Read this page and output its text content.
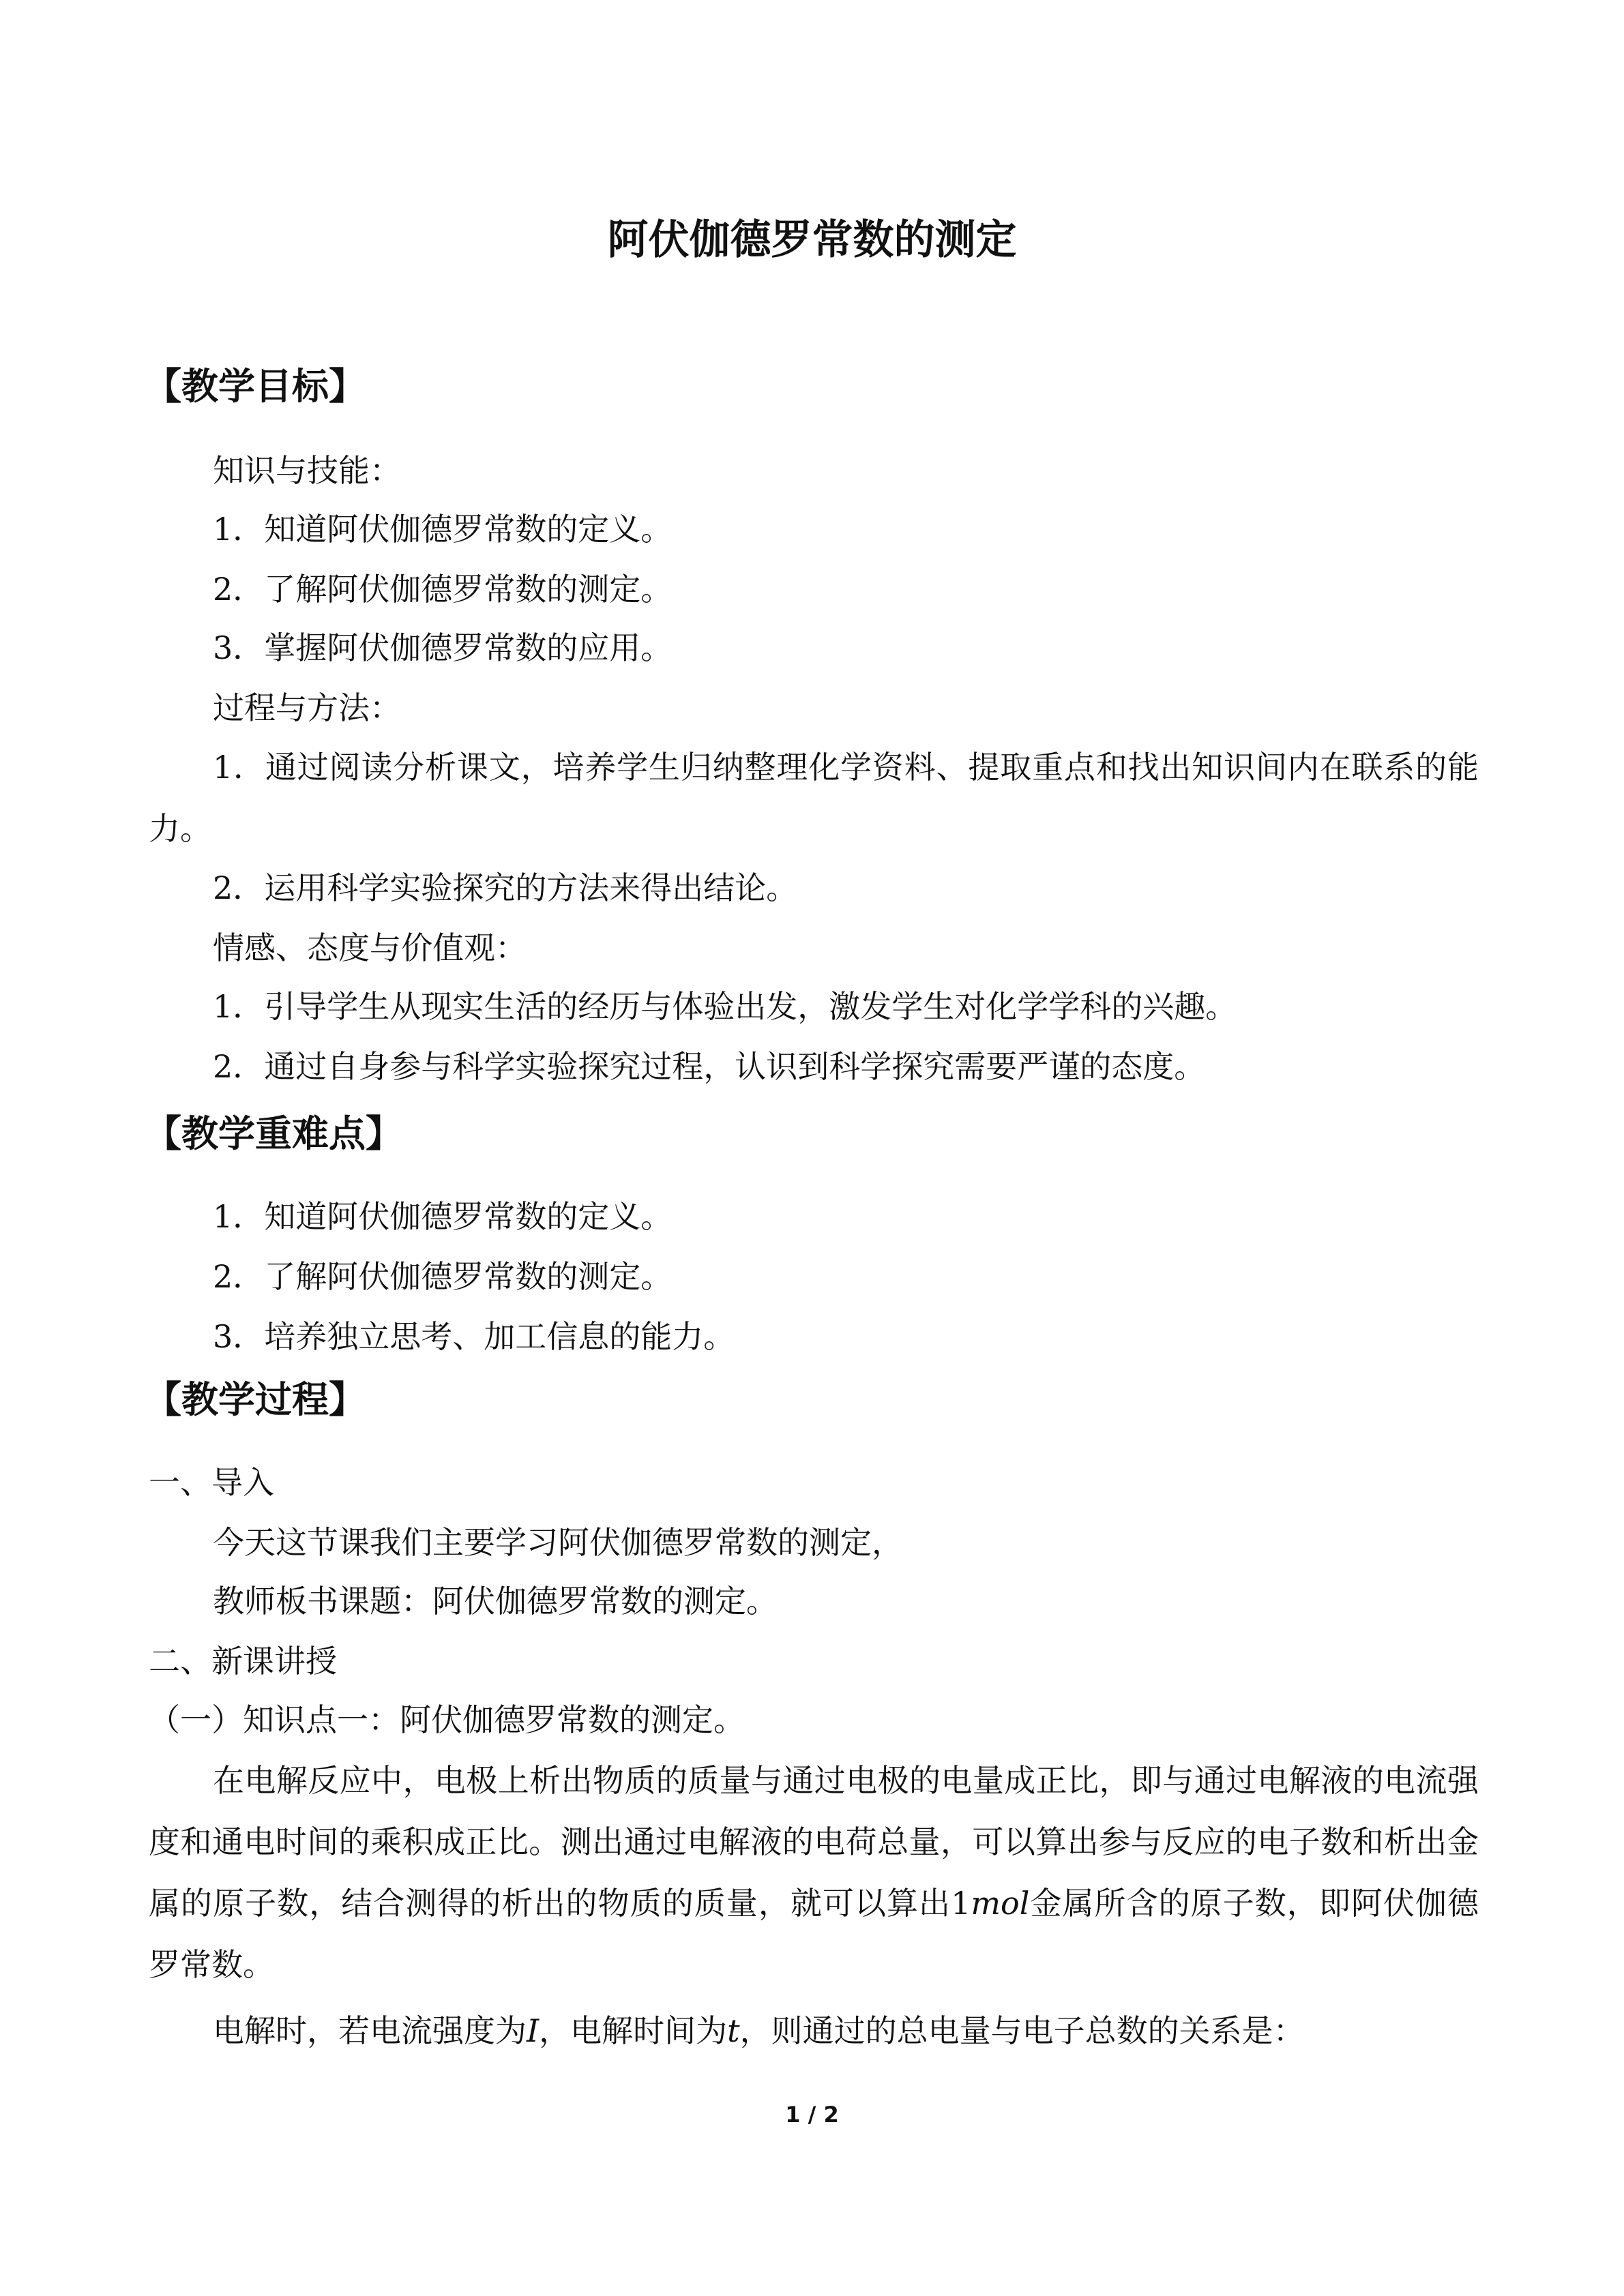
阿伏伽德罗常数的测定
【教学目标】
知识与技能：
1．知道阿伏伽德罗常数的定义。
2．了解阿伏伽德罗常数的测定。
3．掌握阿伏伽德罗常数的应用。
过程与方法：
1．通过阅读分析课文，培养学生归纳整理化学资料、提取重点和找出知识间内在联系的能力。
2．运用科学实验探究的方法来得出结论。
情感、态度与价值观：
1．引导学生从现实生活的经历与体验出发，激发学生对化学学科的兴趣。
2．通过自身参与科学实验探究过程，认识到科学探究需要严谨的态度。
【教学重难点】
1．知道阿伏伽德罗常数的定义。
2．了解阿伏伽德罗常数的测定。
3．培养独立思考、加工信息的能力。
【教学过程】
一、导入
今天这节课我们主要学习阿伏伽德罗常数的测定，
教师板书课题：阿伏伽德罗常数的测定。
二、新课讲授
（一）知识点一：阿伏伽德罗常数的测定。
在电解反应中，电极上析出物质的质量与通过电极的电量成正比，即与通过电解液的电流强度和通电时间的乘积成正比。测出通过电解液的电荷总量，可以算出参与反应的电子数和析出金属的原子数，结合测得的析出的物质的质量，就可以算出1mol金属所含的原子数，即阿伏伽德罗常数。
电解时，若电流强度为I，电解时间为t，则通过的总电量与电子总数的关系是：
1 / 2
